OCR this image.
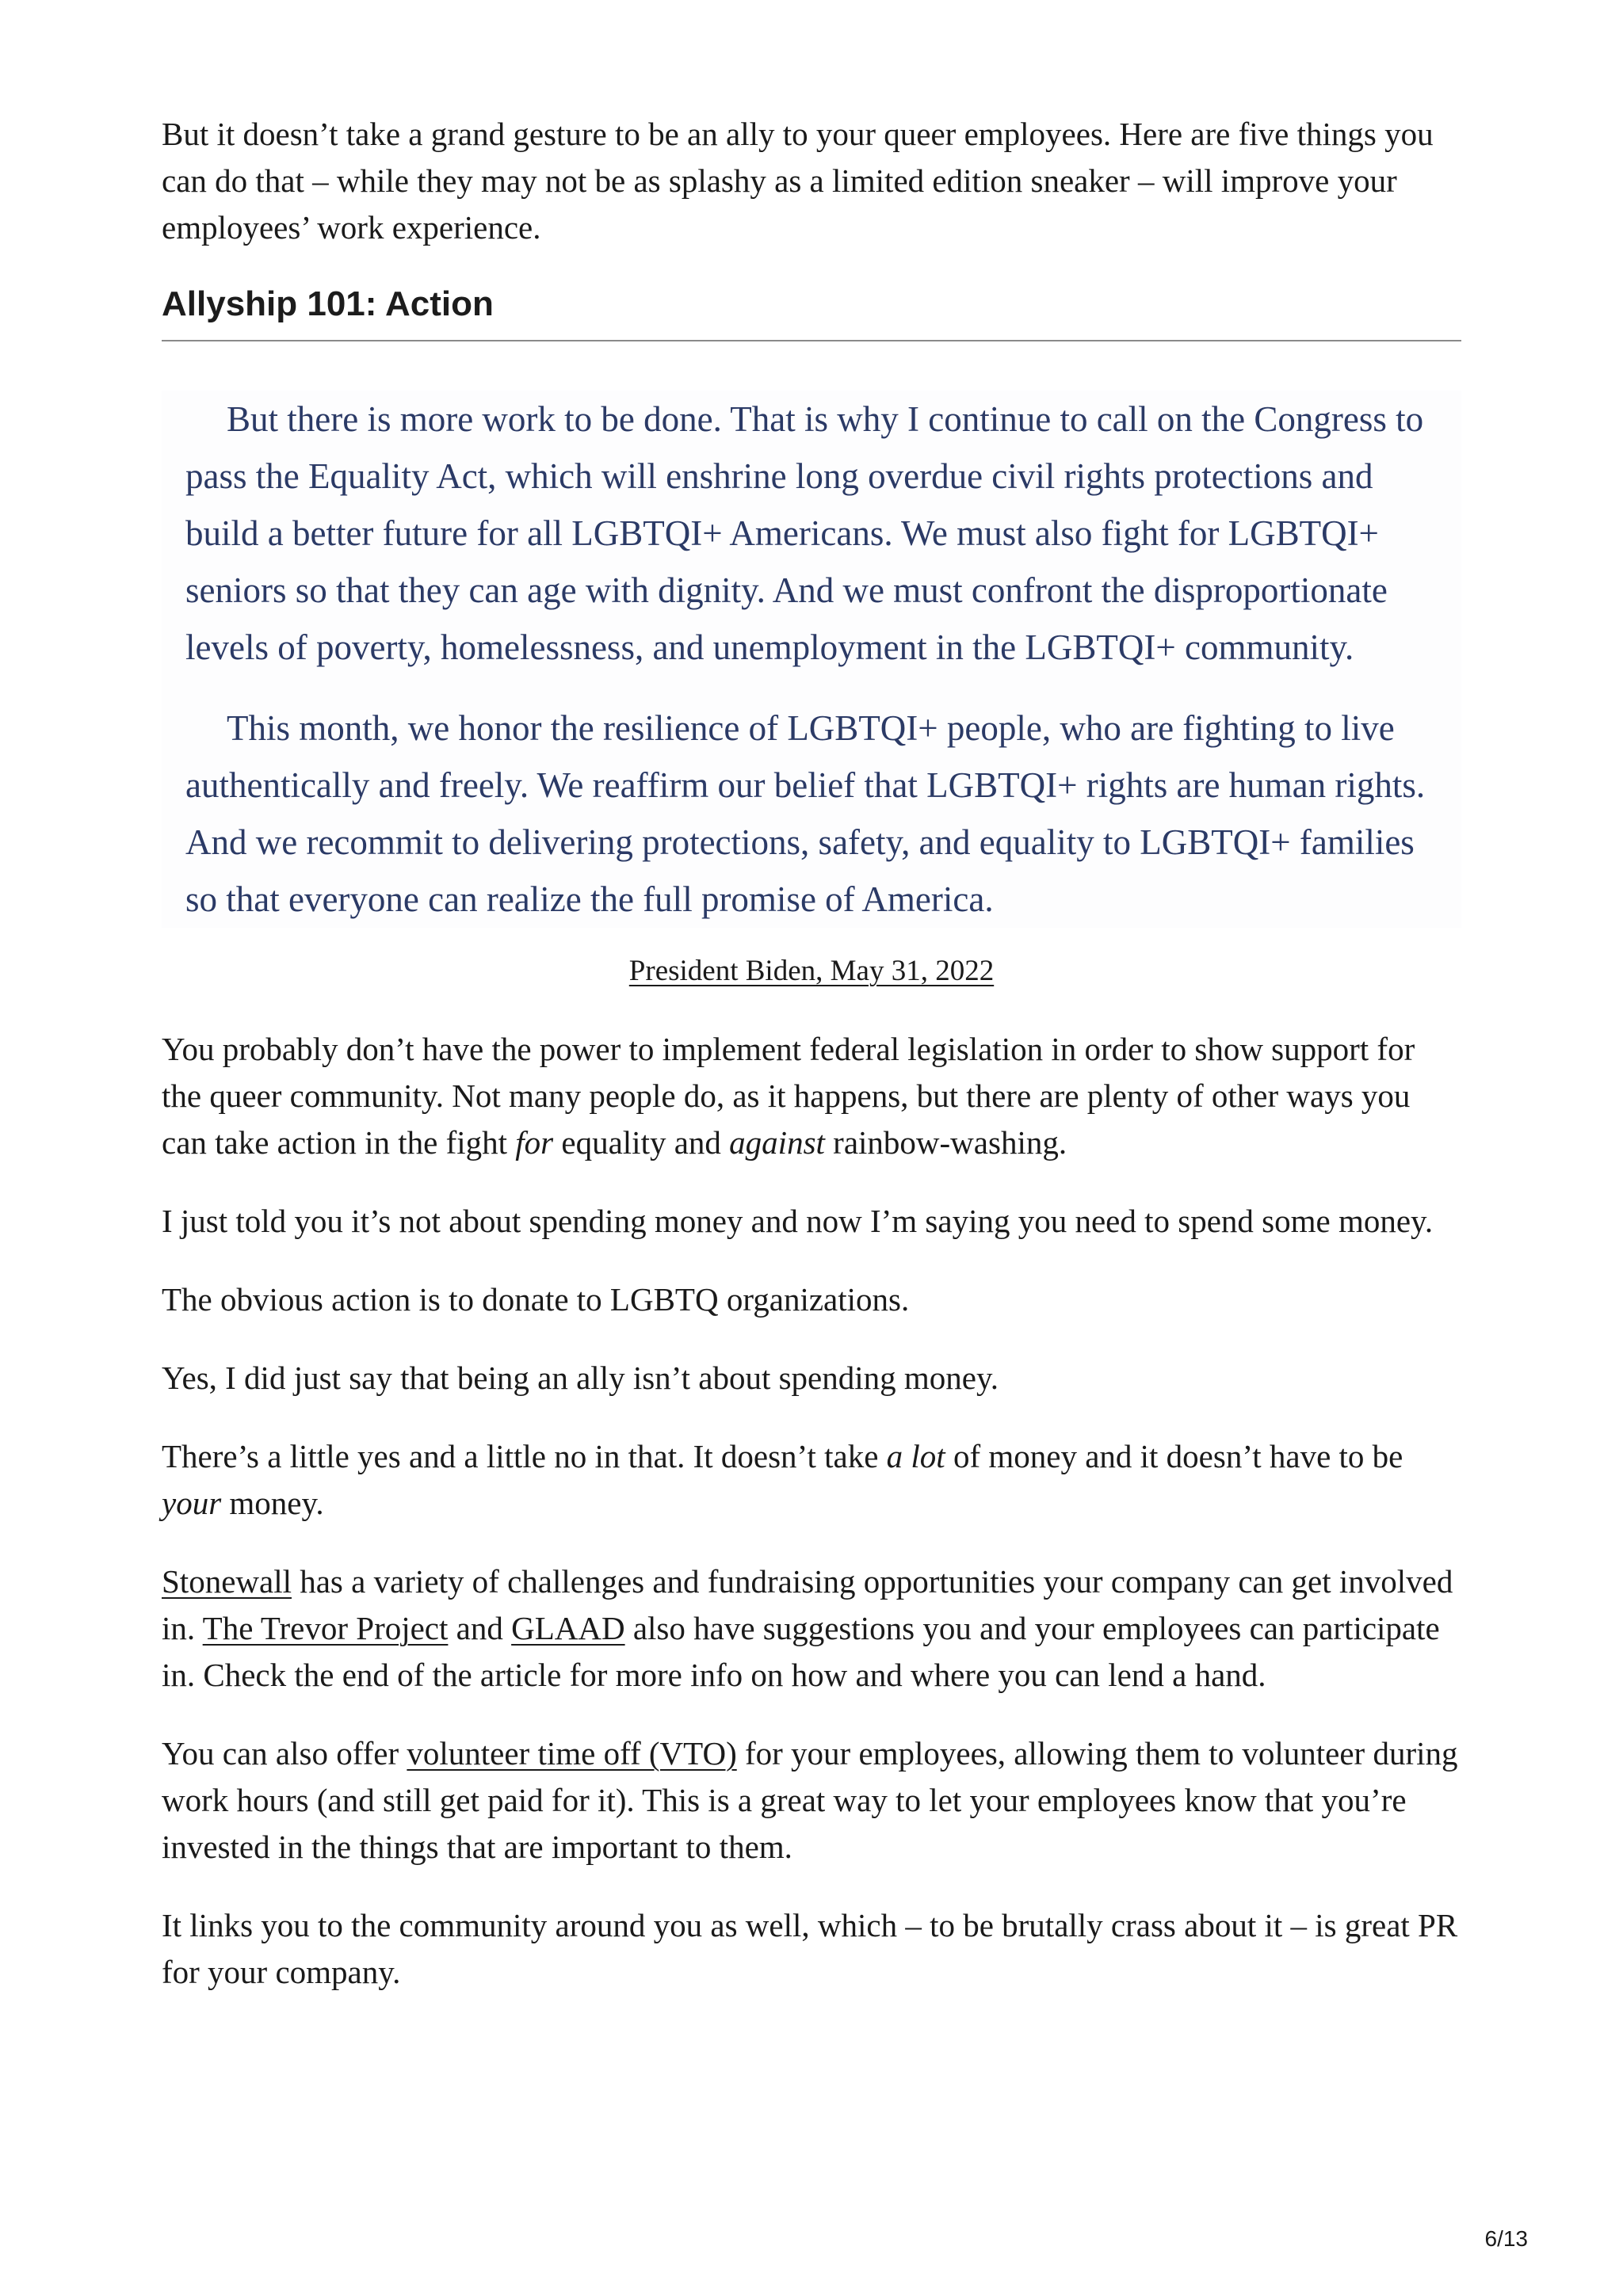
But it doesn’t take a grand gesture to be an ally to your queer employees. Here are five things you can do that – while they may not be as splashy as a limited edition sneaker – will improve your employees’ work experience.

Allyship 101: Action

But there is more work to be done. That is why I continue to call on the Congress to pass the Equality Act, which will enshrine long overdue civil rights protections and build a better future for all LGBTQI+ Americans. We must also fight for LGBTQI+ seniors so that they can age with dignity. And we must confront the disproportionate levels of poverty, homelessness, and unemployment in the LGBTQI+ community.

This month, we honor the resilience of LGBTQI+ people, who are fighting to live authentically and freely. We reaffirm our belief that LGBTQI+ rights are human rights. And we recommit to delivering protections, safety, and equality to LGBTQI+ families so that everyone can realize the full promise of America.

President Biden, May 31, 2022

You probably don’t have the power to implement federal legislation in order to show support for the queer community. Not many people do, as it happens, but there are plenty of other ways you can take action in the fight for equality and against rainbow-washing.

I just told you it’s not about spending money and now I’m saying you need to spend some money.

The obvious action is to donate to LGBTQ organizations.

Yes, I did just say that being an ally isn’t about spending money.

There’s a little yes and a little no in that. It doesn’t take a lot of money and it doesn’t have to be your money.

Stonewall has a variety of challenges and fundraising opportunities your company can get involved in. The Trevor Project and GLAAD also have suggestions you and your employees can participate in. Check the end of the article for more info on how and where you can lend a hand.

You can also offer volunteer time off (VTO) for your employees, allowing them to volunteer during work hours (and still get paid for it). This is a great way to let your employees know that you’re invested in the things that are important to them.

It links you to the community around you as well, which – to be brutally crass about it – is great PR for your company.

6/13
